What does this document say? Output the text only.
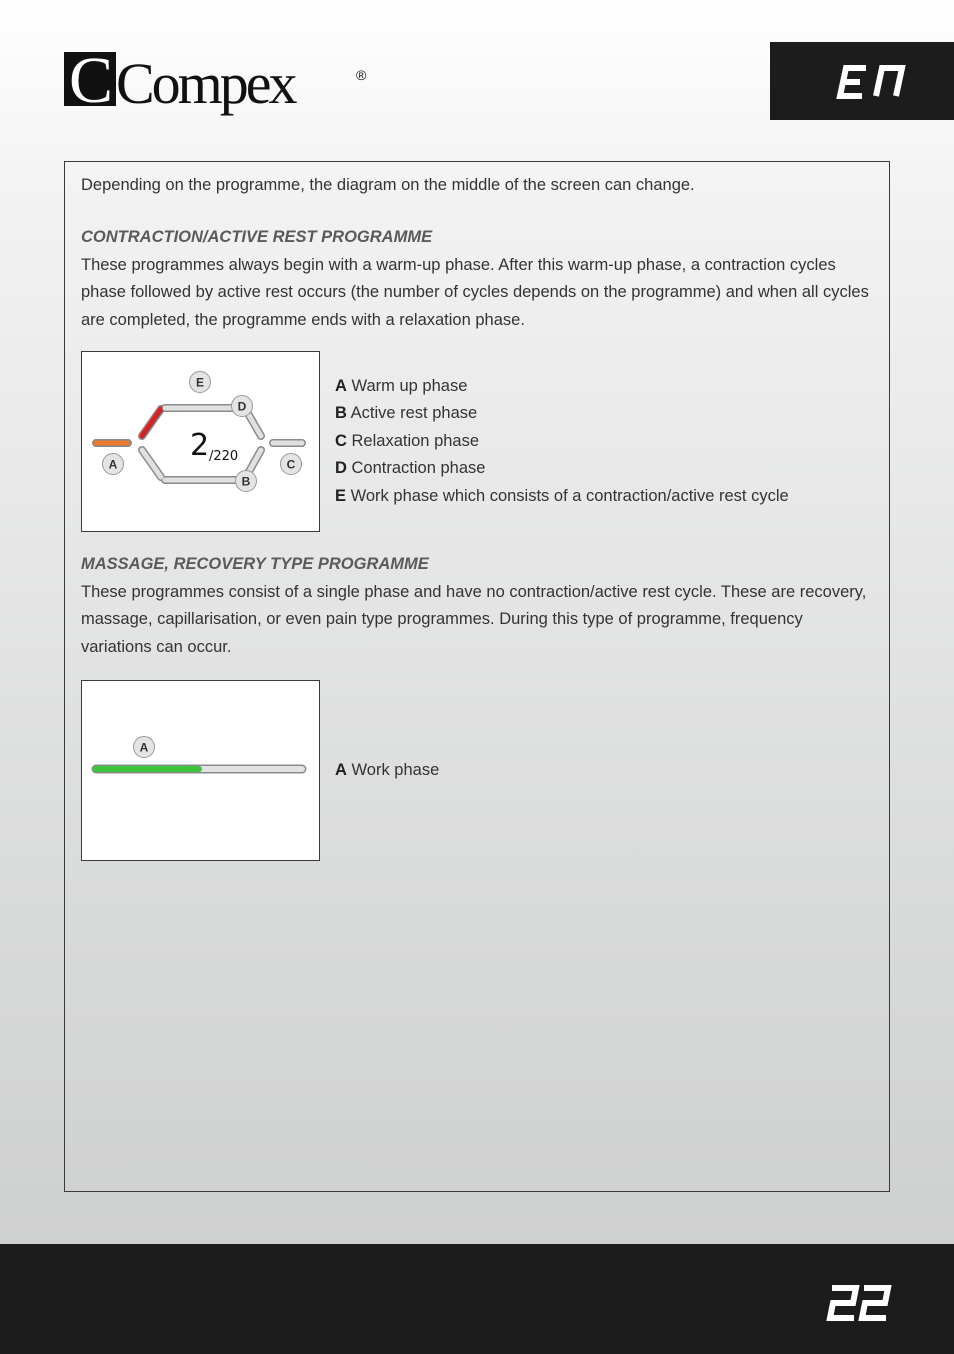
C Compex	®
EN

Depending on the programme, the diagram on the middle of the screen can change.

CONTRACTION/ACTIVE REST PROGRAMME

These programmes always begin with a warm-up phase. After this warm-up phase, a contraction cycles phase followed by active rest occurs (the number of cycles depends on the programme) and when all cycles are completed, the programme ends with a relaxation phase.

2 /220
E
D
A	C
B
A Warm up phase
B Active rest phase
C Relaxation phase
D Contraction phase
E Work phase which consists of a contraction/active rest cycle

MASSAGE, RECOVERY TYPE PROGRAMME

These programmes consist of a single phase and have no contraction/active rest cycle. These are recovery, massage, capillarisation, or even pain type programmes. During this type of programme, frequency variations can occur.

A
A Work phase
22
